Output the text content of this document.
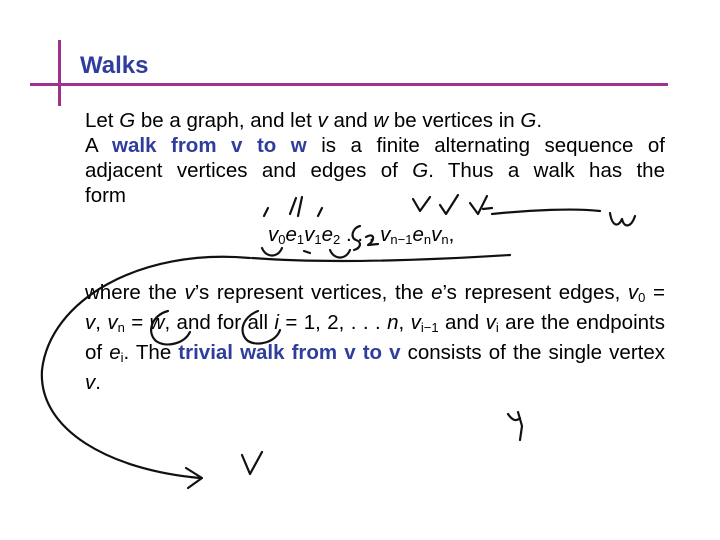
Walks
Let G be a graph, and let v and w be vertices in G.
A walk from v to w is a finite alternating sequence of
adjacent vertices and edges of G. Thus a walk has the
form
$v_0e_1v_1e_2$ . . . $v_{n-1}e_nv_n$,
where the v’s represent vertices, the e’s represent edges, $v_0 = v$, $v_n = w$, and for all i = 1, 2, . . . n, $v_{i-1}$ and $v_i$ are the endpoints of $e_i$. The trivial walk from v to v consists of the single vertex v.
